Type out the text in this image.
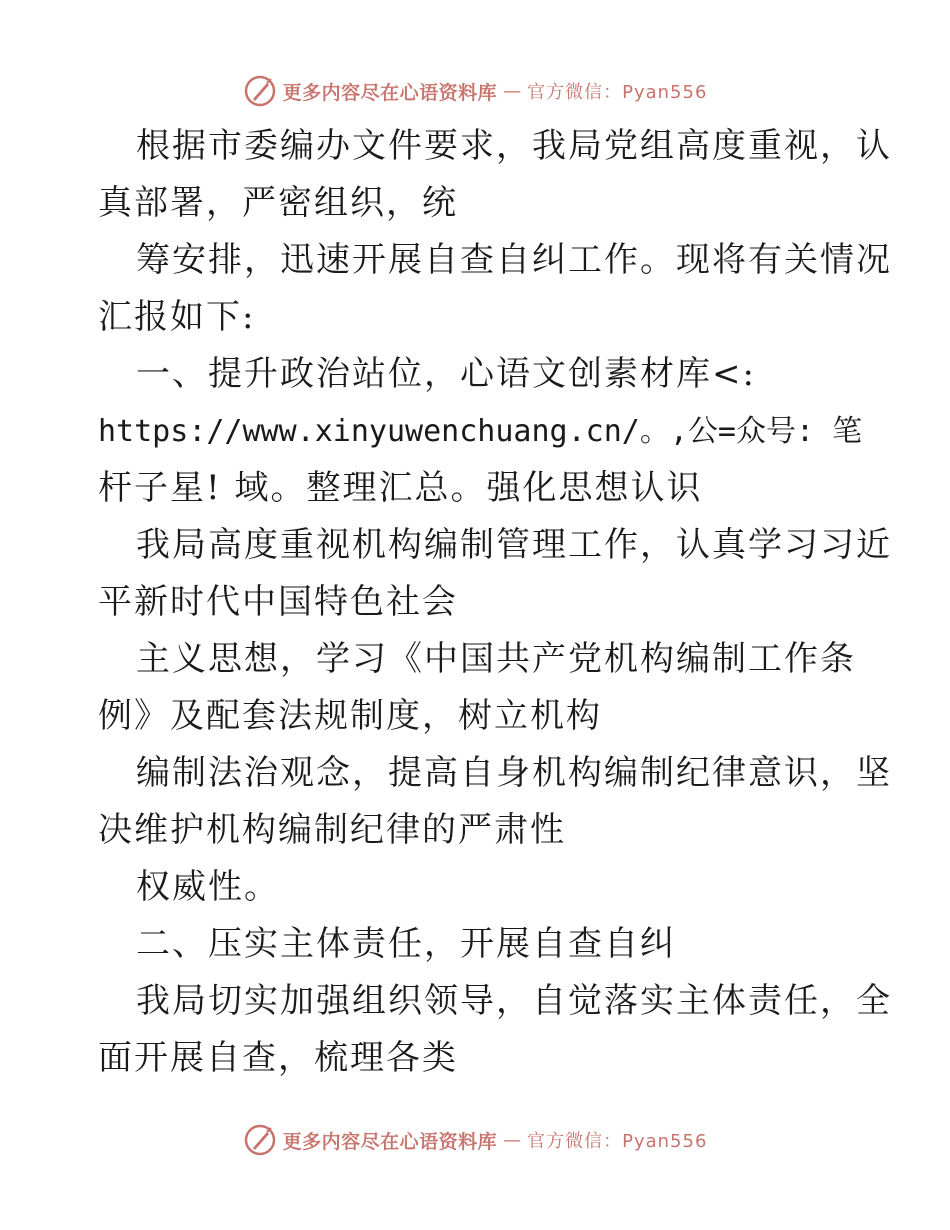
更多内容尽在心语资料库 — 官方微信：Pyan556
根据市委编办文件要求，我局党组高度重视，认
真部署，严密组织，统
筹安排，迅速开展自查自纠工作。现将有关情况
汇报如下:
一、提升政治站位，心语文创素材库<:
https://www.xinyuwenchuang.cn/。,公=众号: 笔
杆子星! 域。整理汇总。强化思想认识
我局高度重视机构编制管理工作，认真学习习近
平新时代中国特色社会
主义思想，学习《中国共产党机构编制工作条
例》及配套法规制度，树立机构
编制法治观念，提高自身机构编制纪律意识，坚
决维护机构编制纪律的严肃性
权威性。
二、压实主体责任，开展自查自纠
我局切实加强组织领导，自觉落实主体责任，全
面开展自查，梳理各类
更多内容尽在心语资料库 — 官方微信：Pyan556
